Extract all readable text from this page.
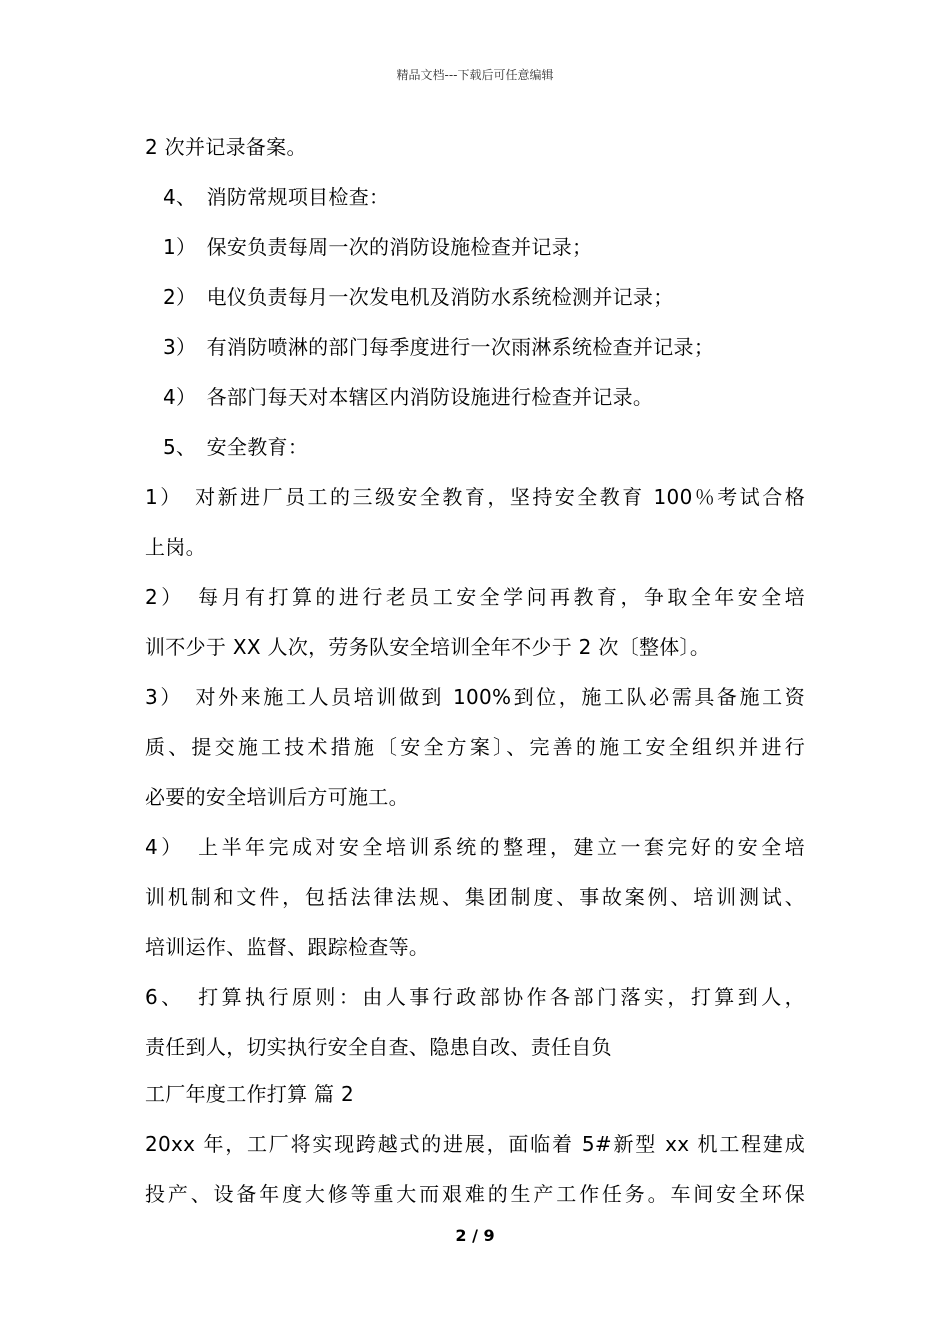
精品文档---下载后可任意编辑
2 次并记录备案。
4、　消防常规项目检查：
1）　保安负责每周一次的消防设施检查并记录；
2）　电仪负责每月一次发电机及消防水系统检测并记录；
3）　有消防喷淋的部门每季度进行一次雨淋系统检查并记录；
4）　各部门每天对本辖区内消防设施进行检查并记录。
5、　安全教育：
1）　对新进厂员工的三级安全教育，坚持安全教育 100％考试合格
上岗。
2）　每月有打算的进行老员工安全学问再教育，争取全年安全培
训不少于 XX 人次，劳务队安全培训全年不少于 2 次〔整体〕。
3）　对外来施工人员培训做到 100%到位，施工队必需具备施工资
质、提交施工技术措施〔安全方案〕、完善的施工安全组织并进行
必要的安全培训后方可施工。
4）　上半年完成对安全培训系统的整理，建立一套完好的安全培
训机制和文件，包括法律法规、集团制度、事故案例、培训测试、
培训运作、监督、跟踪检查等。
6、　打算执行原则：由人事行政部协作各部门落实，打算到人，
责任到人，切实执行安全自查、隐患自改、责任自负
工厂年度工作打算 篇 2
20xx 年，工厂将实现跨越式的进展，面临着 5#新型 xx 机工程建成
投产、设备年度大修等重大而艰难的生产工作任务。车间安全环保
2 / 9
